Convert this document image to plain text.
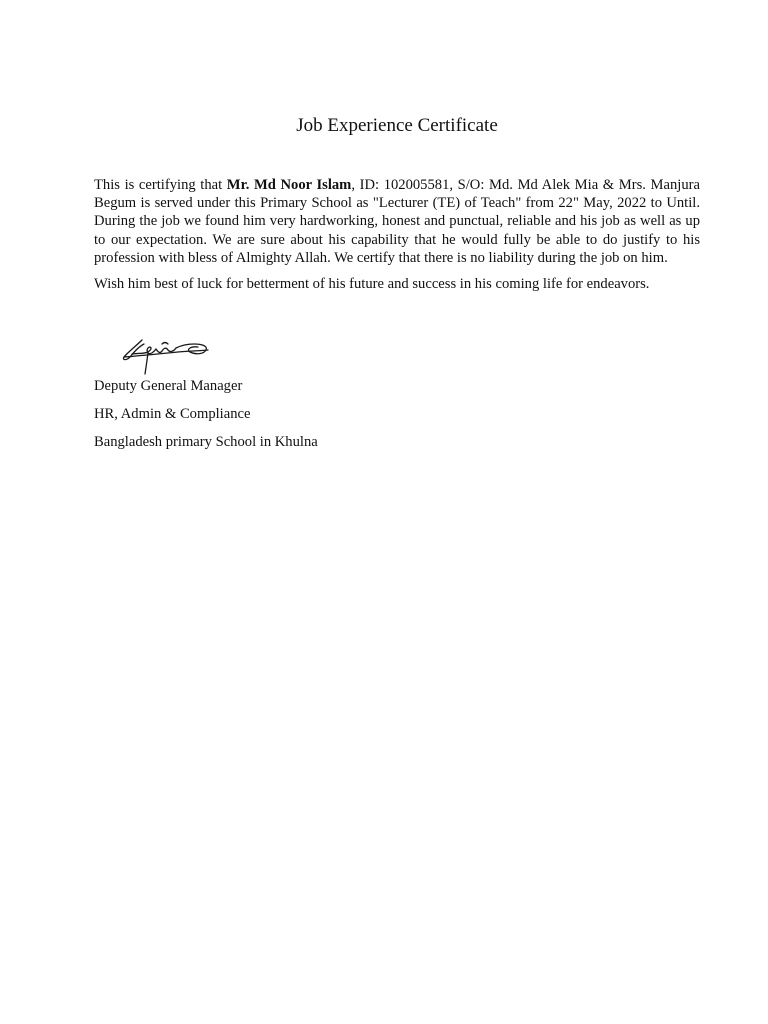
Job Experience Certificate

This is certifying that Mr. Md Noor Islam, ID: 102005581, S/O: Md. Md Alek Mia & Mrs. Manjura Begum is served under this Primary School as "Lecturer (TE) of Teach" from 22" May, 2022 to Until. During the job we found him very hardworking, honest and punctual, reliable and his job as well as up to our expectation. We are sure about his capability that he would fully be able to do justify to his profession with bless of Almighty Allah. We certify that there is no liability during the job on him.

Wish him best of luck for betterment of his future and success in his coming life for endeavors.

Deputy General Manager
HR, Admin & Compliance
Bangladesh primary School in Khulna
